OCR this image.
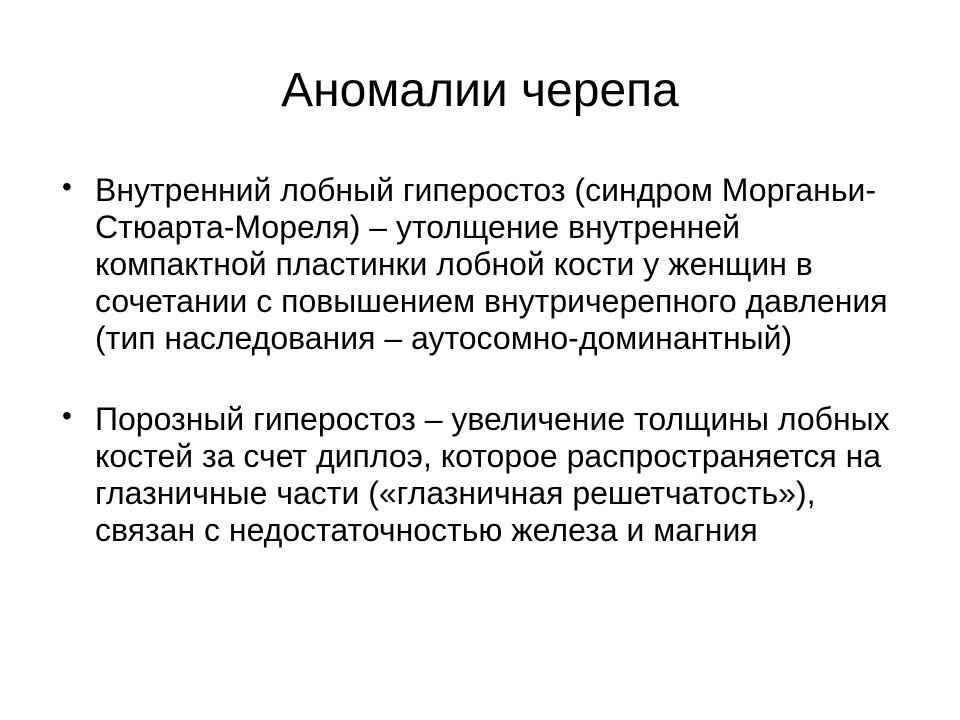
Аномалии черепа
• Внутренний лобный гиперостоз (синдром Морганьи-Стюарта-Мореля) – утолщение внутренней компактной пластинки лобной кости у женщин в сочетании с повышением внутричерепного давления (тип наследования – аутосомно-доминантный)
• Порозный гиперостоз – увеличение толщины лобных костей за счет диплоэ, которое распространяется на глазничные части («глазничная решетчатость»), связан с недостаточностью железа и магния
